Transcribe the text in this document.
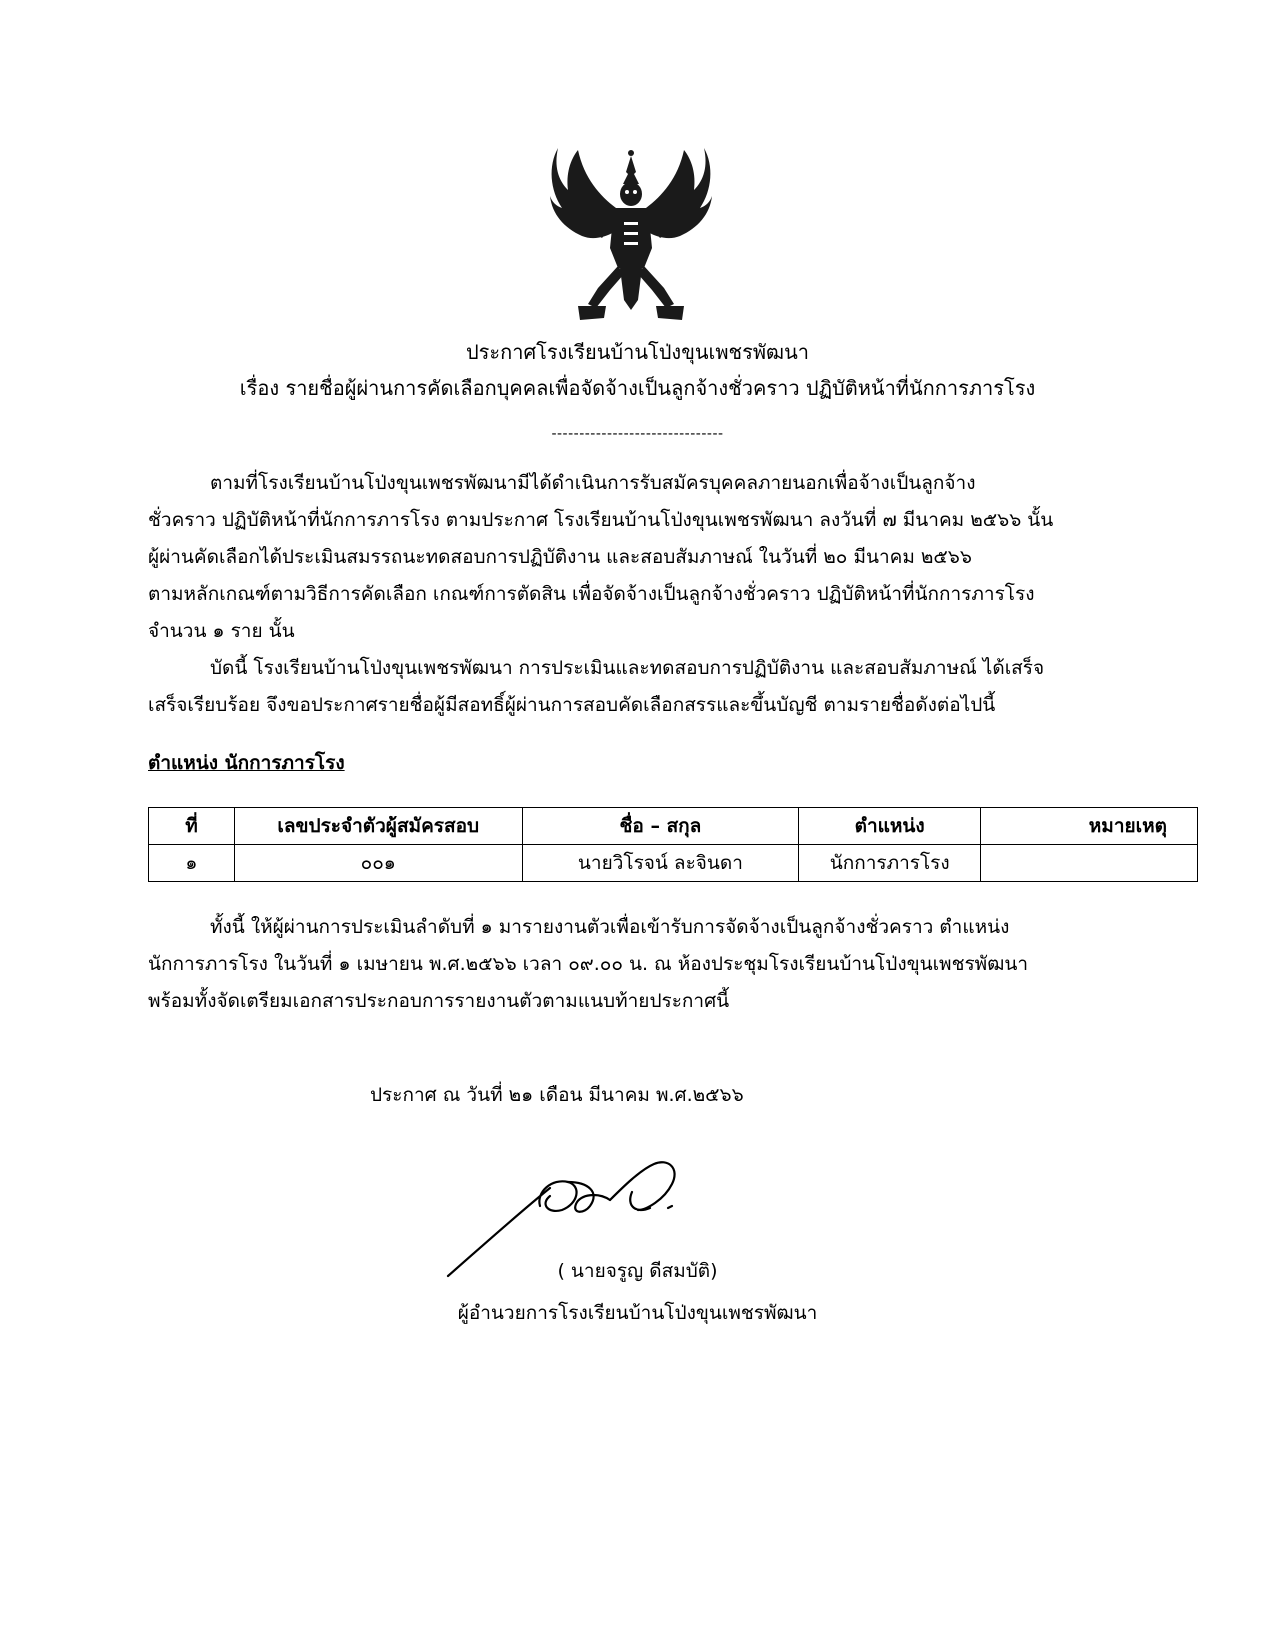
ประกาศโรงเรียนบ้านโป่งขุนเพชรพัฒนา
เรื่อง รายชื่อผู้ผ่านการคัดเลือกบุคคลเพื่อจัดจ้างเป็นลูกจ้างชั่วคราว ปฏิบัติหน้าที่นักการภารโรง
-------------------------------
ตามที่โรงเรียนบ้านโป่งขุนเพชรพัฒนามีได้ดำเนินการรับสมัครบุคคลภายนอกเพื่อจ้างเป็นลูกจ้าง
ชั่วคราว ปฏิบัติหน้าที่นักการภารโรง ตามประกาศ โรงเรียนบ้านโป่งขุนเพชรพัฒนา ลงวันที่ ๗ มีนาคม ๒๕๖๖ นั้น
ผู้ผ่านคัดเลือกได้ประเมินสมรรถนะทดสอบการปฏิบัติงาน และสอบสัมภาษณ์ ในวันที่ ๒๐ มีนาคม ๒๕๖๖
ตามหลักเกณฑ์ตามวิธีการคัดเลือก เกณฑ์การตัดสิน เพื่อจัดจ้างเป็นลูกจ้างชั่วคราว ปฏิบัติหน้าที่นักการภารโรง
จำนวน ๑ ราย นั้น
บัดนี้ โรงเรียนบ้านโป่งขุนเพชรพัฒนา การประเมินและทดสอบการปฏิบัติงาน และสอบสัมภาษณ์ ได้เสร็จ
เสร็จเรียบร้อย จึงขอประกาศรายชื่อผู้มีสอทธิ์ผู้ผ่านการสอบคัดเลือกสรรและขึ้นบัญชี ตามรายชื่อดังต่อไปนี้
ตำแหน่ง นักการภารโรง
ที่	เลขประจำตัวผู้สมัครสอบ	ชื่อ – สกุล	ตำแหน่ง	หมายเหตุ
๑	๐๐๑	นายวิโรจน์ ละจินดา	นักการภารโรง	
ทั้งนี้ ให้ผู้ผ่านการประเมินลำดับที่ ๑ มารายงานตัวเพื่อเข้ารับการจัดจ้างเป็นลูกจ้างชั่วคราว ตำแหน่ง
นักการภารโรง ในวันที่ ๑ เมษายน พ.ศ.๒๕๖๖ เวลา ๐๙.๐๐ น. ณ ห้องประชุมโรงเรียนบ้านโป่งขุนเพชรพัฒนา
พร้อมทั้งจัดเตรียมเอกสารประกอบการรายงานตัวตามแนบท้ายประกาศนี้
ประกาศ ณ วันที่ ๒๑ เดือน มีนาคม พ.ศ.๒๕๖๖
( นายจรูญ ดีสมบัติ)
ผู้อำนวยการโรงเรียนบ้านโป่งขุนเพชรพัฒนา
